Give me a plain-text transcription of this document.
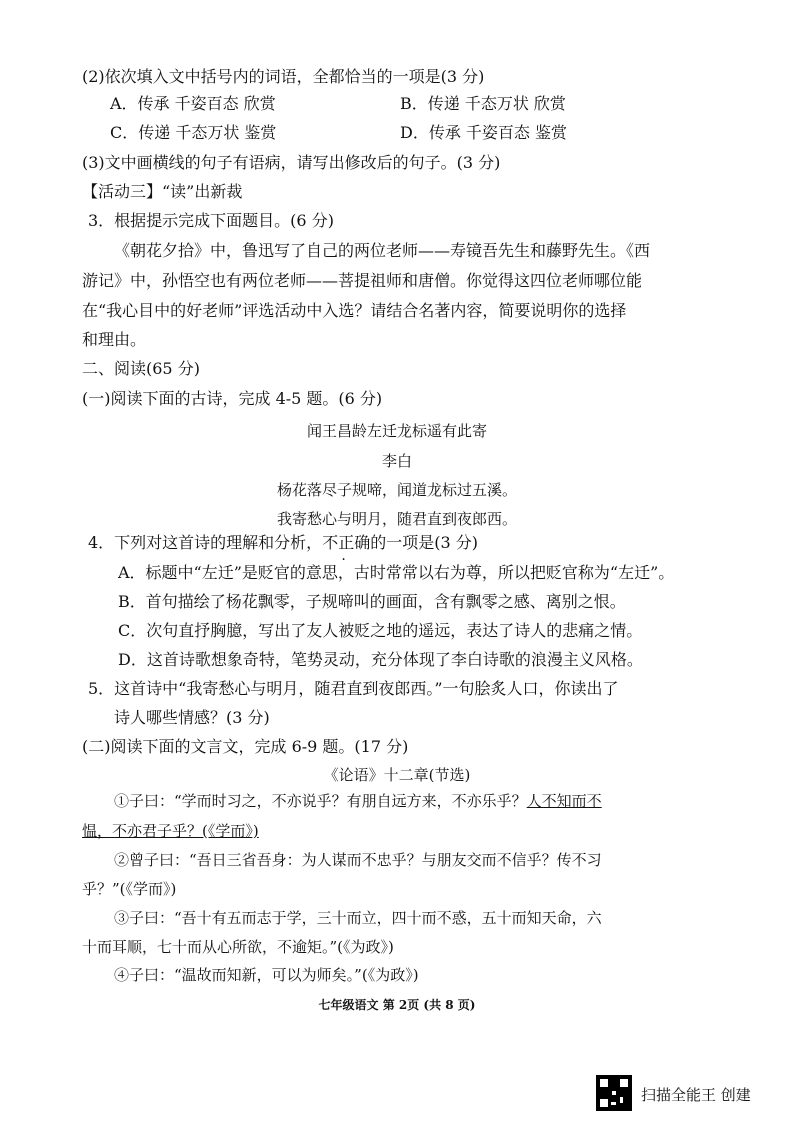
(2)依次填入文中括号内的词语，全都恰当的一项是(3 分)
A．传承 千姿百态 欣赏	B．传递 千态万状 欣赏
C．传递 千态万状 鉴赏	D．传承 千姿百态 鉴赏
(3)文中画横线的句子有语病，请写出修改后的句子。(3 分)
【活动三】“读”出新裁
3．根据提示完成下面题目。(6 分)
《朝花夕拾》中，鲁迅写了自己的两位老师——寿镜吾先生和藤野先生。《西
游记》中，孙悟空也有两位老师——菩提祖师和唐僧。你觉得这四位老师哪位能
在“我心目中的好老师”评选活动中入选？请结合名著内容，简要说明你的选择
和理由。
二、阅读(65 分)
(一)阅读下面的古诗，完成 4-5 题。(6 分)
闻王昌龄左迁龙标遥有此寄
李白
杨花落尽子规啼，闻道龙标过五溪。
我寄愁心与明月，随君直到夜郎西。
4．下列对这首诗的理解和分析，不正确的一项是(3 分)
A．标题中“左迁”是贬官的意思，古时常常以右为尊，所以把贬官称为“左迁”。
B．首句描绘了杨花飘零，子规啼叫的画面，含有飘零之感、离别之恨。
C．次句直抒胸臆，写出了友人被贬之地的遥远，表达了诗人的悲痛之情。
D．这首诗歌想象奇特，笔势灵动，充分体现了李白诗歌的浪漫主义风格。
5．这首诗中“我寄愁心与明月，随君直到夜郎西。”一句脍炙人口，你读出了
诗人哪些情感？(3 分)
(二)阅读下面的文言文，完成 6-9 题。(17 分)
《论语》十二章(节选)
①子曰：“学而时习之，不亦说乎？有朋自远方来，不亦乐乎？人不知而不
愠，不亦君子乎？(《学而》)
②曾子曰：“吾日三省吾身：为人谋而不忠乎？与朋友交而不信乎？传不习
乎？”(《学而》)
③子曰：“吾十有五而志于学，三十而立，四十而不惑，五十而知天命，六
十而耳顺，七十而从心所欲，不逾矩。”(《为政》)
④子曰：“温故而知新，可以为师矣。”(《为政》)
七年级语文 第 2页 (共 8 页)
扫描全能王 创建
